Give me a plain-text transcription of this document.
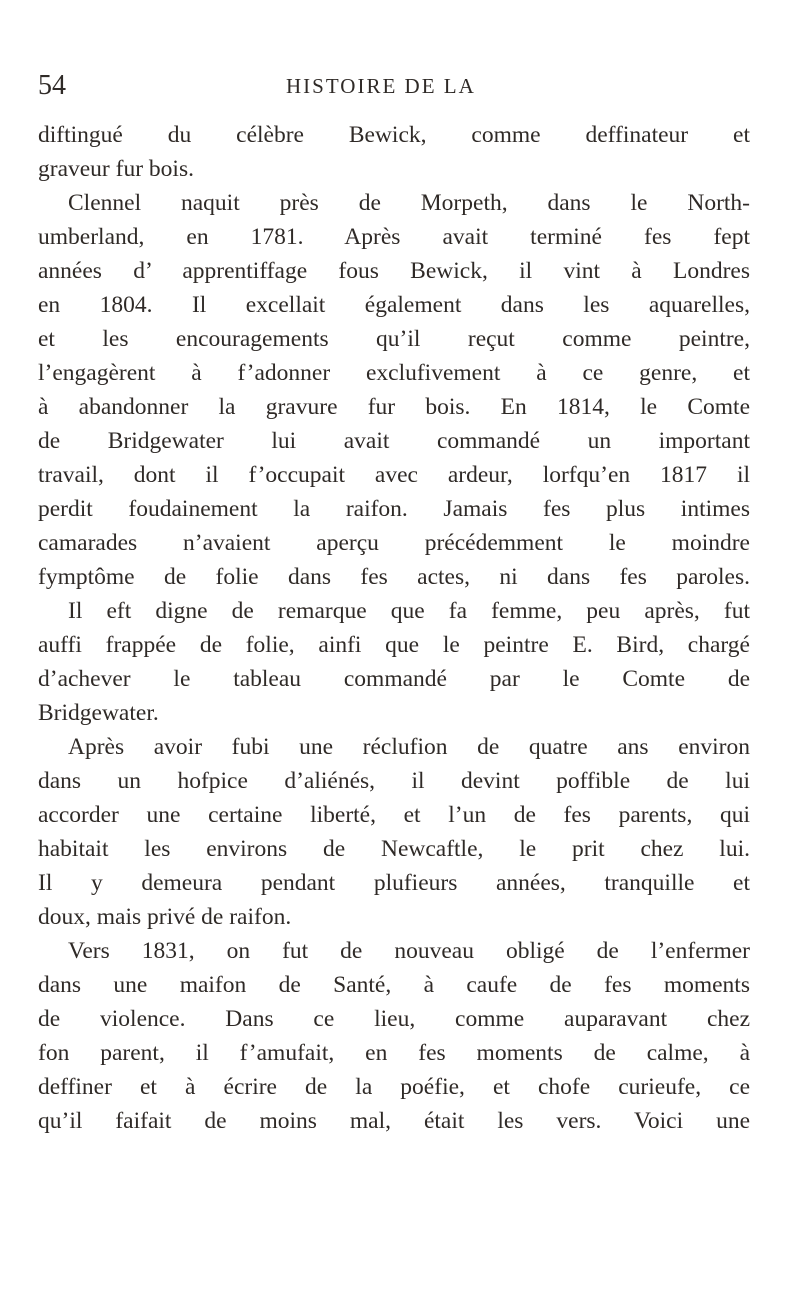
54	HISTOIRE DE LA
diftingué du célèbre Bewick, comme deffinateur et
graveur fur bois.
Clennel naquit près de Morpeth, dans le North-
umberland, en 1781. Après avait terminé fes fept
années d’ apprentiffage fous Bewick, il vint à Londres
en 1804. Il excellait également dans les aquarelles,
et les encouragements qu’il reçut comme peintre,
l’engagèrent à f’adonner exclufivement à ce genre, et
à abandonner la gravure fur bois. En 1814, le Comte
de Bridgewater lui avait commandé un important
travail, dont il f’occupait avec ardeur, lorfqu’en 1817 il
perdit foudainement la raifon. Jamais fes plus intimes
camarades n’avaient aperçu précédemment le moindre
fymptôme de folie dans fes actes, ni dans fes paroles.
Il eft digne de remarque que fa femme, peu après, fut
auffi frappée de folie, ainfi que le peintre E. Bird, chargé
d’achever le tableau commandé par le Comte de
Bridgewater.
Après avoir fubi une réclufion de quatre ans environ
dans un hofpice d’aliénés, il devint poffible de lui
accorder une certaine liberté, et l’un de fes parents, qui
habitait les environs de Newcaftle, le prit chez lui.
Il y demeura pendant plufieurs années, tranquille et
doux, mais privé de raifon.
Vers 1831, on fut de nouveau obligé de l’enfermer
dans une maifon de Santé, à caufe de fes moments
de violence. Dans ce lieu, comme auparavant chez
fon parent, il f’amufait, en fes moments de calme, à
deffiner et à écrire de la poéfie, et chofe curieufe, ce
qu’il faifait de moins mal, était les vers. Voici une
